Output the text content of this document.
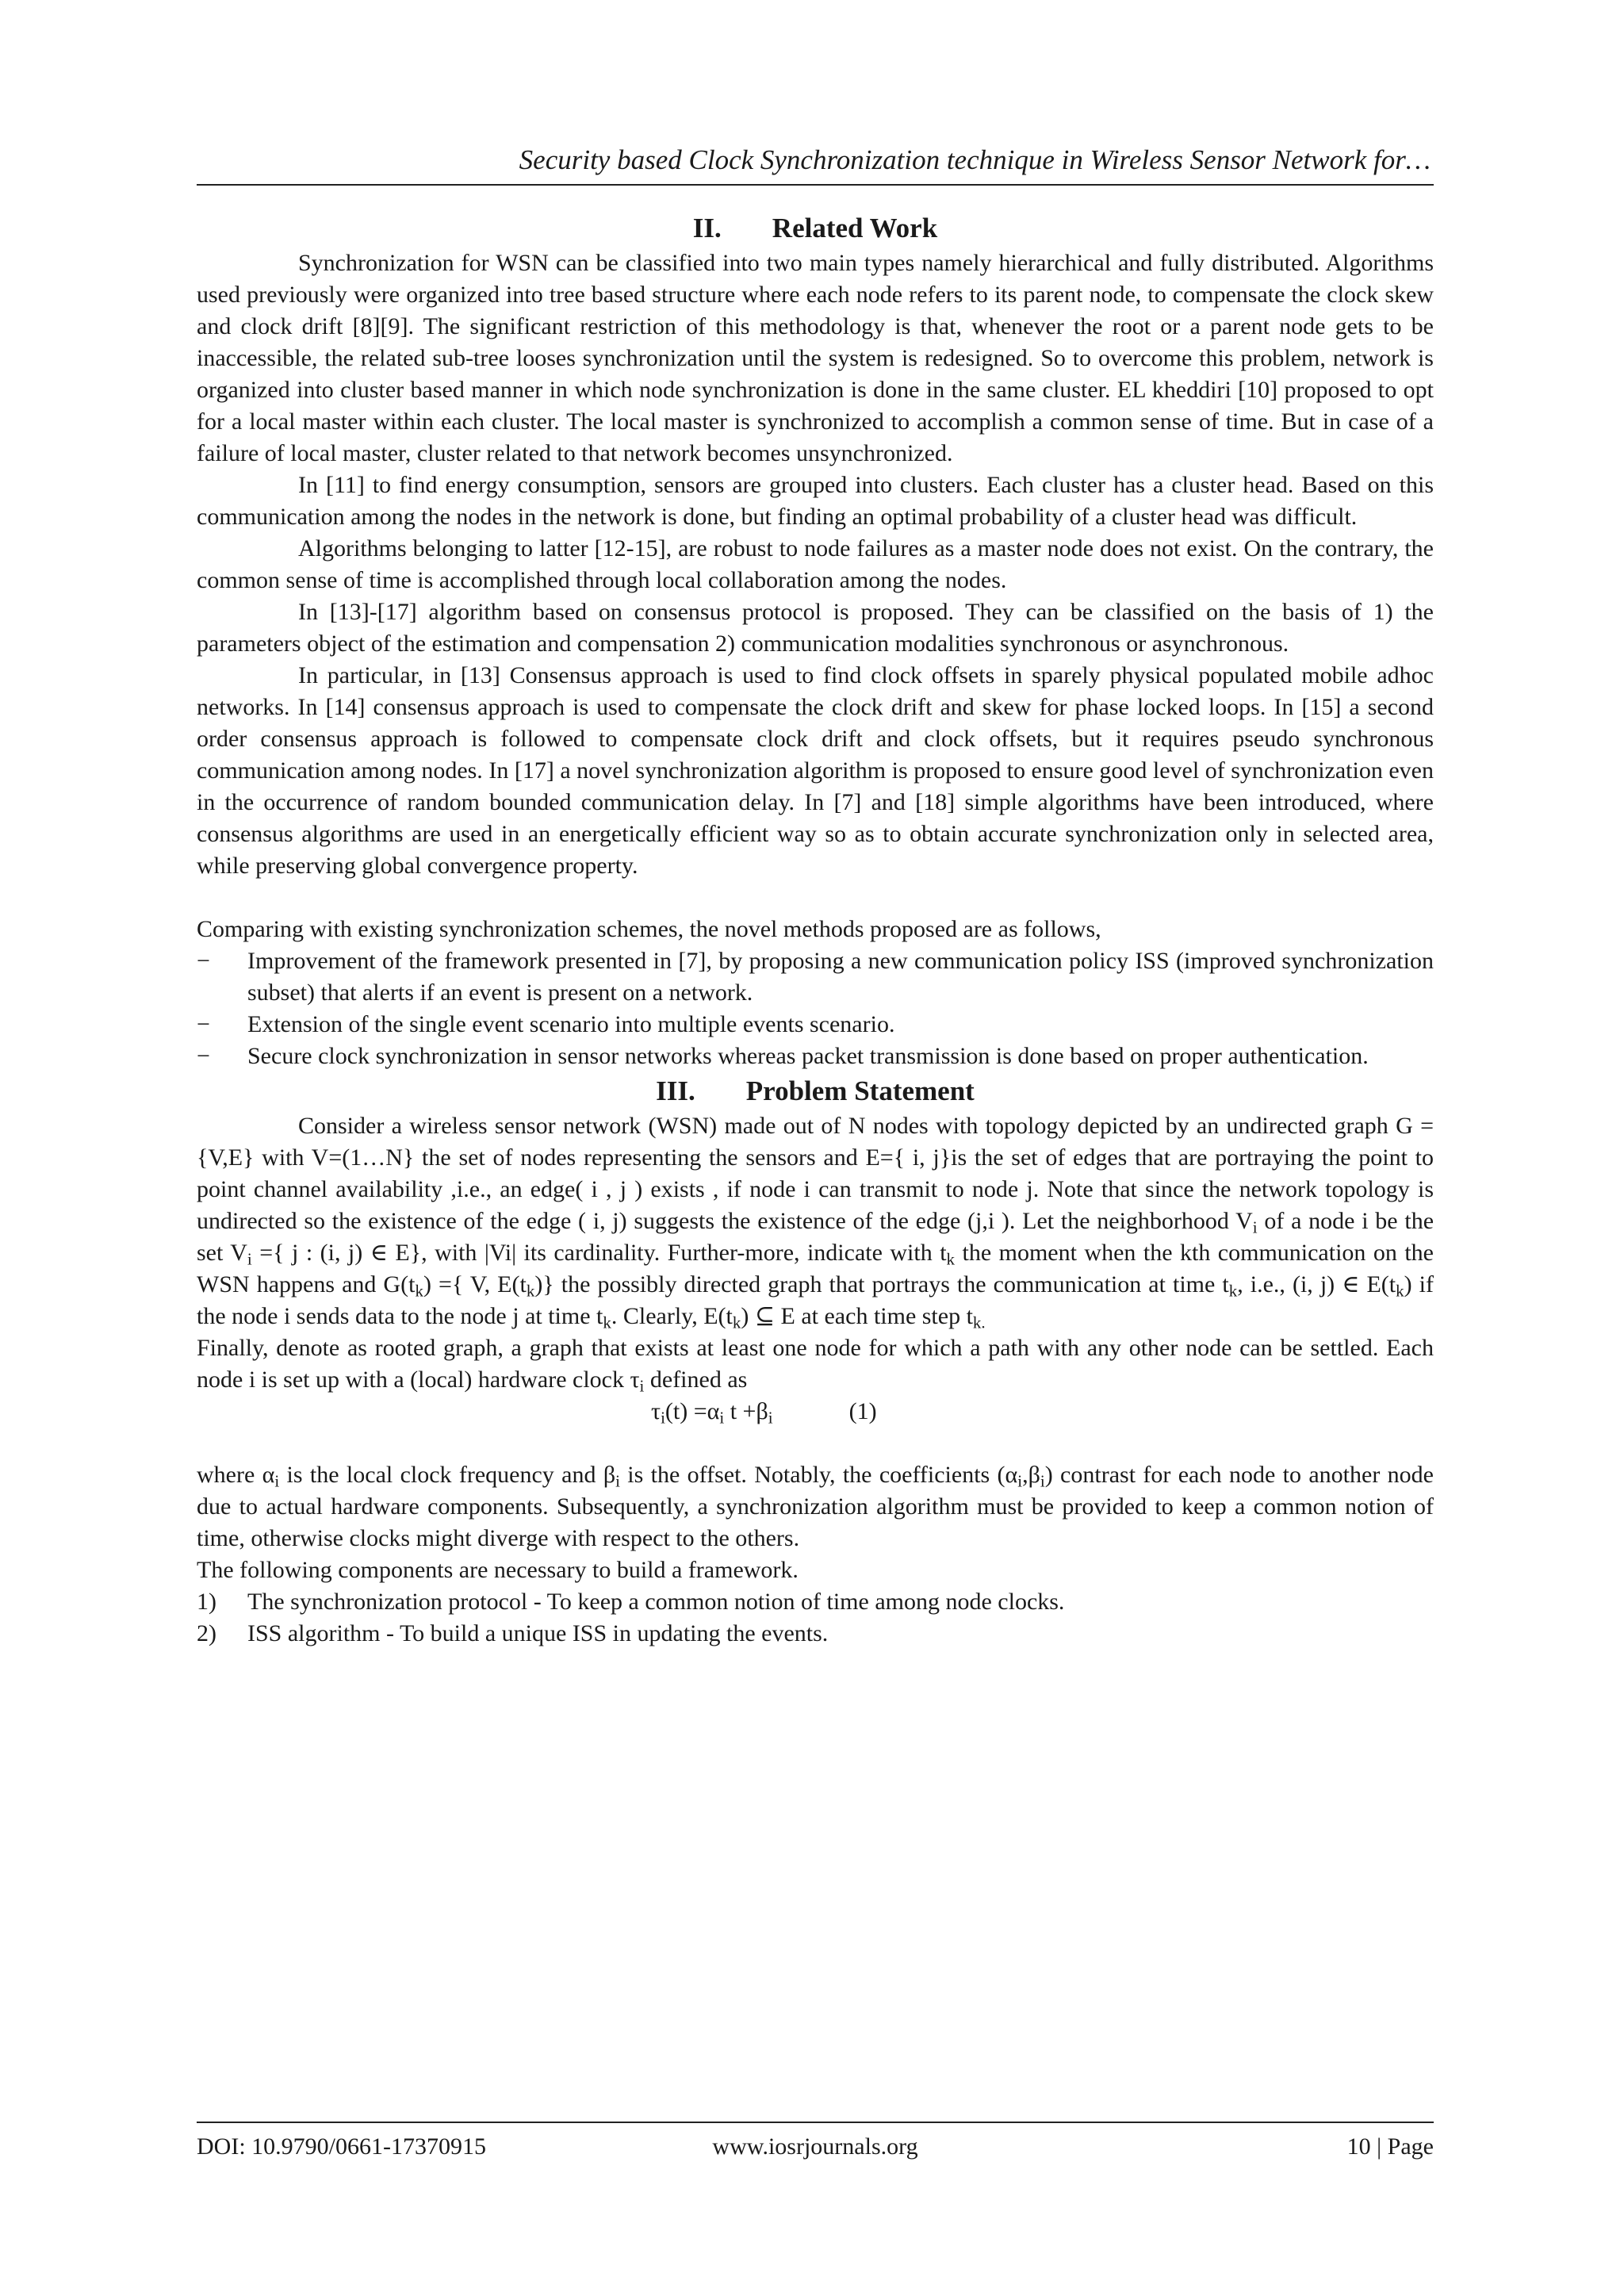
Security based Clock Synchronization technique in Wireless Sensor Network for…
II. Related Work

Synchronization for WSN can be classified into two main types namely hierarchical and fully distributed. Algorithms used previously were organized into tree based structure where each node refers to its parent node, to compensate the clock skew and clock drift [8][9]. The significant restriction of this methodology is that, whenever the root or a parent node gets to be inaccessible, the related sub-tree looses synchronization until the system is redesigned. So to overcome this problem, network is organized into cluster based manner in which node synchronization is done in the same cluster. EL kheddiri [10] proposed to opt for a local master within each cluster. The local master is synchronized to accomplish a common sense of time. But in case of a failure of local master, cluster related to that network becomes unsynchronized.

In [11] to find energy consumption, sensors are grouped into clusters. Each cluster has a cluster head. Based on this communication among the nodes in the network is done, but finding an optimal probability of a cluster head was difficult.

Algorithms belonging to latter [12-15], are robust to node failures as a master node does not exist. On the contrary, the common sense of time is accomplished through local collaboration among the nodes.

In [13]-[17] algorithm based on consensus protocol is proposed. They can be classified on the basis of 1) the parameters object of the estimation and compensation 2) communication modalities synchronous or asynchronous.

In particular, in [13] Consensus approach is used to find clock offsets in sparely physical populated mobile adhoc networks. In [14] consensus approach is used to compensate the clock drift and skew for phase locked loops. In [15] a second order consensus approach is followed to compensate clock drift and clock offsets, but it requires pseudo synchronous communication among nodes. In [17] a novel synchronization algorithm is proposed to ensure good level of synchronization even in the occurrence of random bounded communication delay. In [7] and [18] simple algorithms have been introduced, where consensus algorithms are used in an energetically efficient way so as to obtain accurate synchronization only in selected area, while preserving global convergence property.

Comparing with existing synchronization schemes, the novel methods proposed are as follows,

− Improvement of the framework presented in [7], by proposing a new communication policy ISS (improved synchronization subset) that alerts if an event is present on a network.
− Extension of the single event scenario into multiple events scenario.
− Secure clock synchronization in sensor networks whereas packet transmission is done based on proper authentication.
III. Problem Statement

Consider a wireless sensor network (WSN) made out of N nodes with topology depicted by an undirected graph G ={V,E} with V=(1…N} the set of nodes representing the sensors and E={ i, j}is the set of edges that are portraying the point to point channel availability ,i.e., an edge( i , j ) exists , if node i can transmit to node j. Note that since the network topology is undirected so the existence of the edge ( i, j) suggests the existence of the edge (j,i ). Let the neighborhood $V_i$ of a node i be the set $V_i$ ={ j : (i, j) ∈ E}, with |Vi| its cardinality. Further-more, indicate with $t_k$ the moment when the kth communication on the WSN happens and $G(t_k)$ ={ V, $E(t_k)$} the possibly directed graph that portrays the communication at time $t_k$, i.e., (i, j) ∈ $E(t_k)$ if the node i sends data to the node j at time $t_k$. Clearly, $E(t_k)$ ⊆ E at each time step $t_{k.}$

Finally, denote as rooted graph, a graph that exists at least one node for which a path with any other node can be settled. Each node i is set up with a (local) hardware clock $\tau_i$ defined as

$\tau_i(t) =\alpha_i$ $t +\beta_i$	(1)

where $\alpha_i$ is the local clock frequency and $\beta_i$ is the offset. Notably, the coefficients $(\alpha_i,\beta_i)$ contrast for each node to another node due to actual hardware components. Subsequently, a synchronization algorithm must be provided to keep a common notion of time, otherwise clocks might diverge with respect to the others.

The following components are necessary to build a framework.

1) The synchronization protocol - To keep a common notion of time among node clocks.
2) ISS algorithm - To build a unique ISS in updating the events.
DOI: 10.9790/0661-17370915	www.iosrjournals.org	10 | Page
